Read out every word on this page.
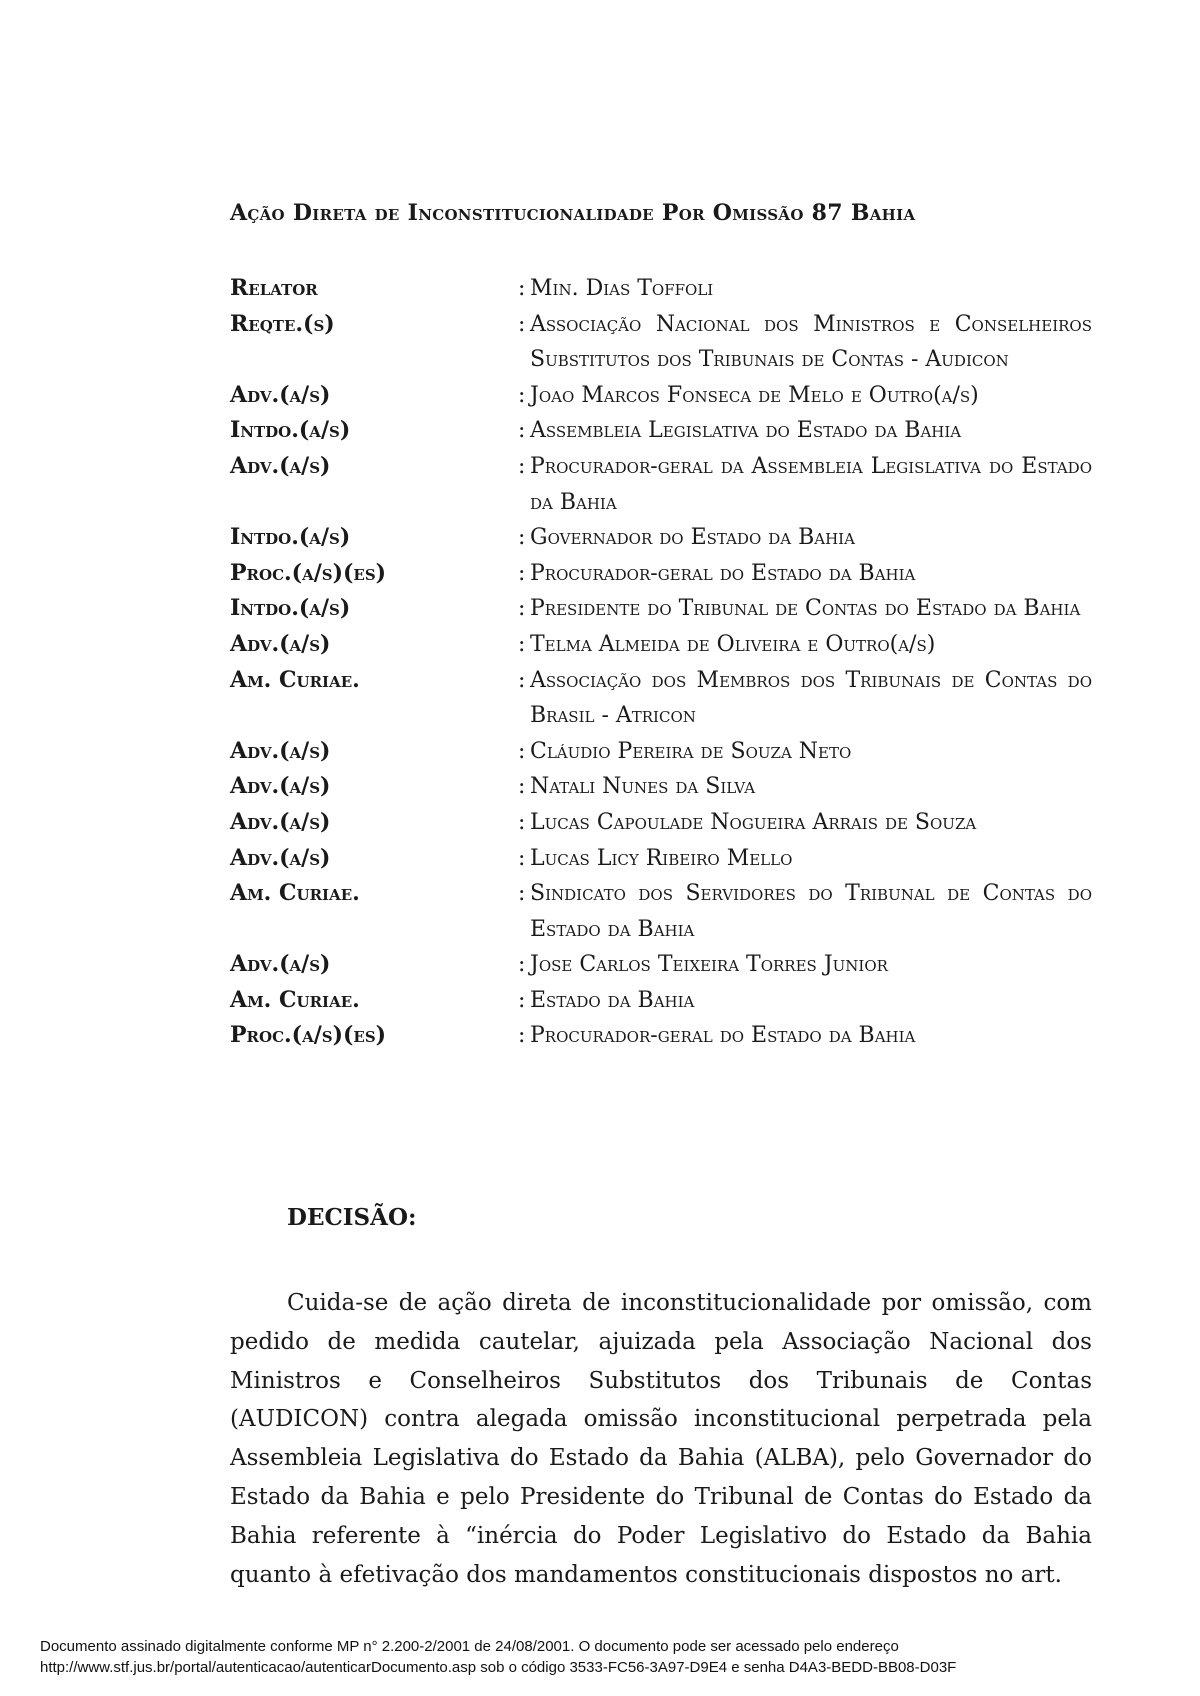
Ação Direta de Inconstitucionalidade Por Omissão 87 Bahia
Relator	: Min. Dias Toffoli
Reqte.(s)	: Associação Nacional dos Ministros e Conselheiros Substitutos dos Tribunais de Contas - Audicon
Adv.(a/s)	: Joao Marcos Fonseca de Melo e Outro(a/s)
Intdo.(a/s)	: Assembleia Legislativa do Estado da Bahia
Adv.(a/s)	: Procurador-geral da Assembleia Legislativa do Estado da Bahia
Intdo.(a/s)	: Governador do Estado da Bahia
Proc.(a/s)(es)	: Procurador-geral do Estado da Bahia
Intdo.(a/s)	: Presidente do Tribunal de Contas do Estado da Bahia
Adv.(a/s)	: Telma Almeida de Oliveira e Outro(a/s)
Am. Curiae.	: Associação dos Membros dos Tribunais de Contas do Brasil - Atricon
Adv.(a/s)	: Cláudio Pereira de Souza Neto
Adv.(a/s)	: Natali Nunes da Silva
Adv.(a/s)	: Lucas Capoulade Nogueira Arrais de Souza
Adv.(a/s)	: Lucas Licy Ribeiro Mello
Am. Curiae.	: Sindicato dos Servidores do Tribunal de Contas do Estado da Bahia
Adv.(a/s)	: Jose Carlos Teixeira Torres Junior
Am. Curiae.	: Estado da Bahia
Proc.(a/s)(es)	: Procurador-geral do Estado da Bahia
DECISÃO:

Cuida-se de ação direta de inconstitucionalidade por omissão, com pedido de medida cautelar, ajuizada pela Associação Nacional dos Ministros e Conselheiros Substitutos dos Tribunais de Contas (AUDICON) contra alegada omissão inconstitucional perpetrada pela Assembleia Legislativa do Estado da Bahia (ALBA), pelo Governador do Estado da Bahia e pelo Presidente do Tribunal de Contas do Estado da Bahia referente à “inércia do Poder Legislativo do Estado da Bahia quanto à efetivação dos mandamentos constitucionais dispostos no art.

Documento assinado digitalmente conforme MP n° 2.200-2/2001 de 24/08/2001. O documento pode ser acessado pelo endereço
http://www.stf.jus.br/portal/autenticacao/autenticarDocumento.asp sob o código 3533-FC56-3A97-D9E4 e senha D4A3-BEDD-BB08-D03F
